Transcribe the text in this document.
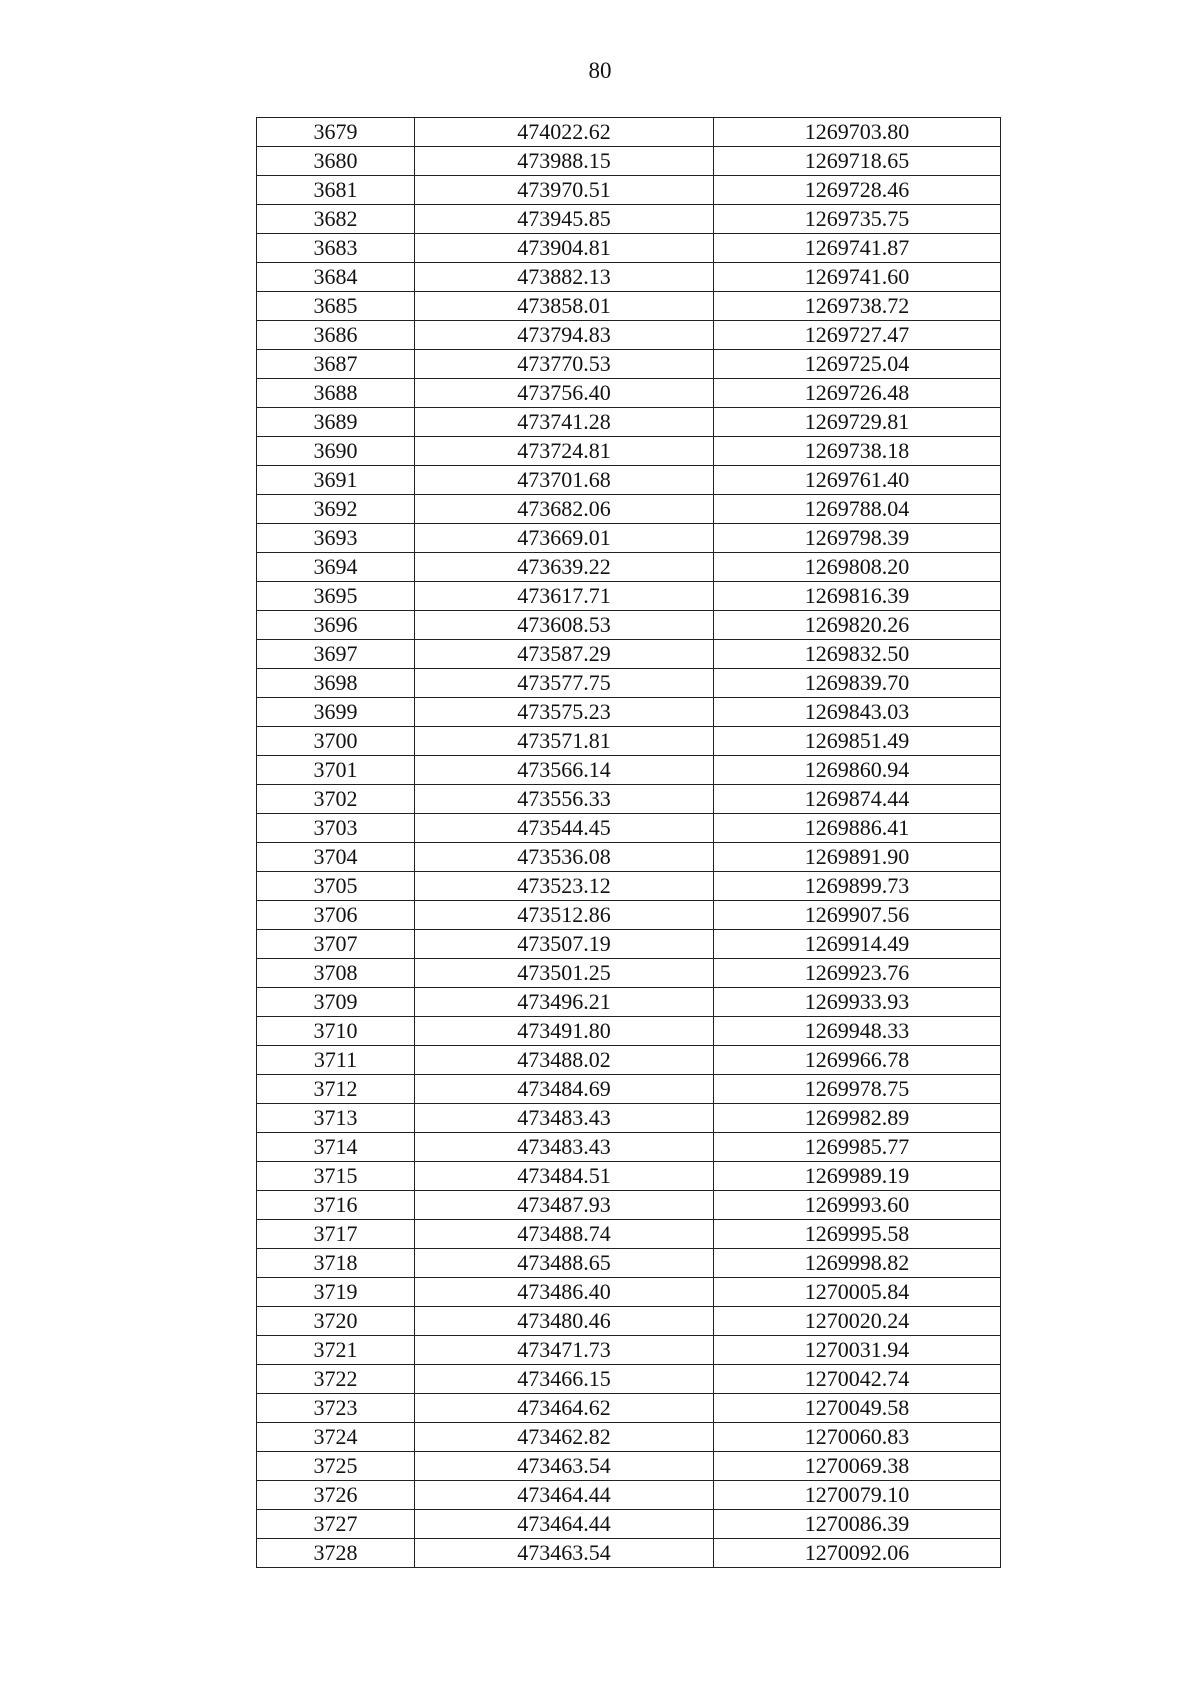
80
3679	474022.62	1269703.80
3680	473988.15	1269718.65
3681	473970.51	1269728.46
3682	473945.85	1269735.75
3683	473904.81	1269741.87
3684	473882.13	1269741.60
3685	473858.01	1269738.72
3686	473794.83	1269727.47
3687	473770.53	1269725.04
3688	473756.40	1269726.48
3689	473741.28	1269729.81
3690	473724.81	1269738.18
3691	473701.68	1269761.40
3692	473682.06	1269788.04
3693	473669.01	1269798.39
3694	473639.22	1269808.20
3695	473617.71	1269816.39
3696	473608.53	1269820.26
3697	473587.29	1269832.50
3698	473577.75	1269839.70
3699	473575.23	1269843.03
3700	473571.81	1269851.49
3701	473566.14	1269860.94
3702	473556.33	1269874.44
3703	473544.45	1269886.41
3704	473536.08	1269891.90
3705	473523.12	1269899.73
3706	473512.86	1269907.56
3707	473507.19	1269914.49
3708	473501.25	1269923.76
3709	473496.21	1269933.93
3710	473491.80	1269948.33
3711	473488.02	1269966.78
3712	473484.69	1269978.75
3713	473483.43	1269982.89
3714	473483.43	1269985.77
3715	473484.51	1269989.19
3716	473487.93	1269993.60
3717	473488.74	1269995.58
3718	473488.65	1269998.82
3719	473486.40	1270005.84
3720	473480.46	1270020.24
3721	473471.73	1270031.94
3722	473466.15	1270042.74
3723	473464.62	1270049.58
3724	473462.82	1270060.83
3725	473463.54	1270069.38
3726	473464.44	1270079.10
3727	473464.44	1270086.39
3728	473463.54	1270092.06
